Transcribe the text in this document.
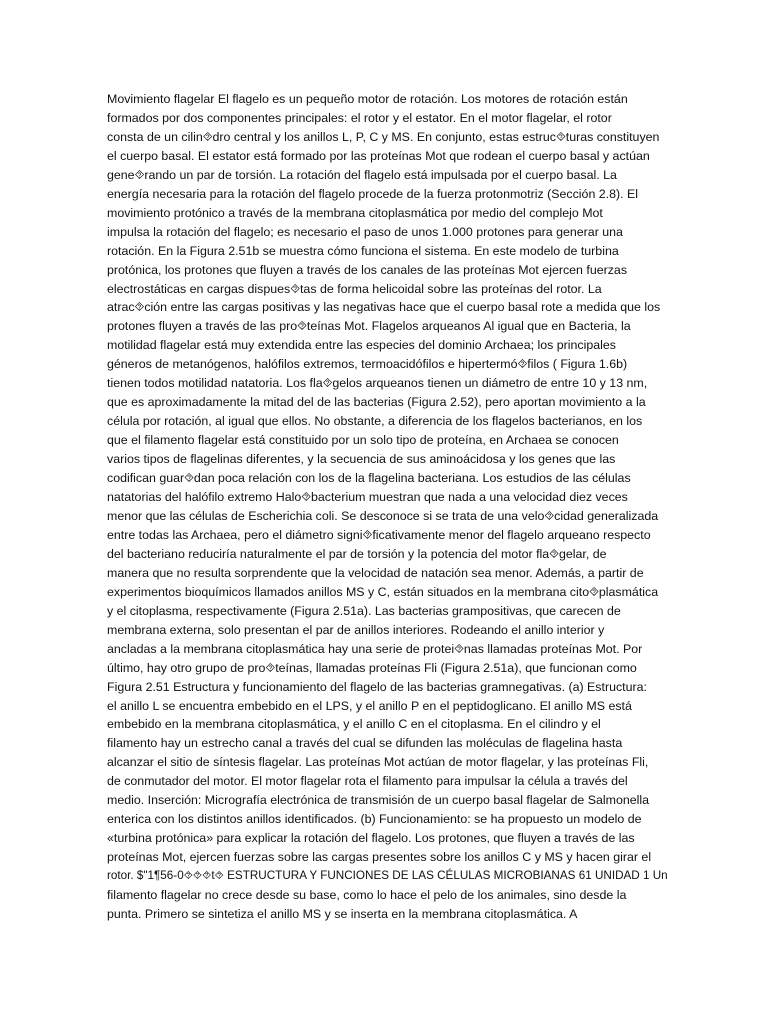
Movimiento flagelar El flagelo es un pequeño motor de rotación. Los motores de rotación están
formados por dos componentes principales: el rotor y el estator. En el motor flagelar, el rotor
consta de un cilin⯑dro central y los anillos L, P, C y MS. En conjunto, estas estruc⯑turas constituyen
el cuerpo basal. El estator está formado por las proteínas Mot que rodean el cuerpo basal y actúan
gene⯑rando un par de torsión. La rotación del flagelo está impulsada por el cuerpo basal. La
energía necesaria para la rotación del flagelo procede de la fuerza protonmotriz (Sección 2.8). El
movimiento protónico a través de la membrana citoplasmática por medio del complejo Mot
impulsa la rotación del flagelo; es necesario el paso de unos 1.000 protones para generar una
rotación. En la Figura 2.51b se muestra cómo funciona el sistema. En este modelo de turbina
protónica, los protones que fluyen a través de los canales de las proteínas Mot ejercen fuerzas
electrostáticas en cargas dispues⯑tas de forma helicoidal sobre las proteínas del rotor. La
atrac⯑ción entre las cargas positivas y las negativas hace que el cuerpo basal rote a medida que los
protones fluyen a través de las pro⯑teínas Mot. Flagelos arqueanos Al igual que en Bacteria, la
motilidad flagelar está muy extendida entre las especies del dominio Archaea; los principales
géneros de metanógenos, halófilos extremos, termoacidófilos e hipertermó⯑filos ( Figura 1.6b)
tienen todos motilidad natatoria. Los fla⯑gelos arqueanos tienen un diámetro de entre 10 y 13 nm,
que es aproximadamente la mitad del de las bacterias (Figura 2.52), pero aportan movimiento a la
célula por rotación, al igual que ellos. No obstante, a diferencia de los flagelos bacterianos, en los
que el filamento flagelar está constituido por un solo tipo de proteína, en Archaea se conocen
varios tipos de flagelinas diferentes, y la secuencia de sus aminoácidosa y los genes que las
codifican guar⯑dan poca relación con los de la flagelina bacteriana. Los estudios de las células
natatorias del halófilo extremo Halo⯑bacterium muestran que nada a una velocidad diez veces
menor que las células de Escherichia coli. Se desconoce si se trata de una velo⯑cidad generalizada
entre todas las Archaea, pero el diámetro signi⯑ficativamente menor del flagelo arqueano respecto
del bacteriano reduciría naturalmente el par de torsión y la potencia del motor fla⯑gelar, de
manera que no resulta sorprendente que la velocidad de natación sea menor. Además, a partir de
experimentos bioquímicos llamados anillos MS y C, están situados en la membrana cito⯑plasmática
y el citoplasma, respectivamente (Figura 2.51a). Las bacterias grampositivas, que carecen de
membrana externa, solo presentan el par de anillos interiores. Rodeando el anillo interior y
ancladas a la membrana citoplasmática hay una serie de protei⯑nas llamadas proteínas Mot. Por
último, hay otro grupo de pro⯑teínas, llamadas proteínas Fli (Figura 2.51a), que funcionan como
Figura 2.51 Estructura y funcionamiento del flagelo de las bacterias gramnegativas. (a) Estructura:
el anillo L se encuentra embebido en el LPS, y el anillo P en el peptidoglicano. El anillo MS está
embebido en la membrana citoplasmática, y el anillo C en el citoplasma. En el cilindro y el
filamento hay un estrecho canal a través del cual se difunden las moléculas de flagelina hasta
alcanzar el sitio de síntesis flagelar. Las proteínas Mot actúan de motor flagelar, y las proteínas Fli,
de conmutador del motor. El motor flagelar rota el filamento para impulsar la célula a través del
medio. Inserción: Micrografía electrónica de transmisión de un cuerpo basal flagelar de Salmonella
enterica con los distintos anillos identificados. (b) Funcionamiento: se ha propuesto un modelo de
«turbina protónica» para explicar la rotación del flagelo. Los protones, que fluyen a través de las
proteínas Mot, ejercen fuerzas sobre las cargas presentes sobre los anillos C y MS y hacen girar el
rotor. $"1¶56-0⯑⯑⯑t⯑ ESTRUCTURA Y FUNCIONES DE LAS CÉLULAS MICROBIANAS 61 UNIDAD 1 Un
filamento flagelar no crece desde su base, como lo hace el pelo de los animales, sino desde la
punta. Primero se sintetiza el anillo MS y se inserta en la membrana citoplasmática. A
